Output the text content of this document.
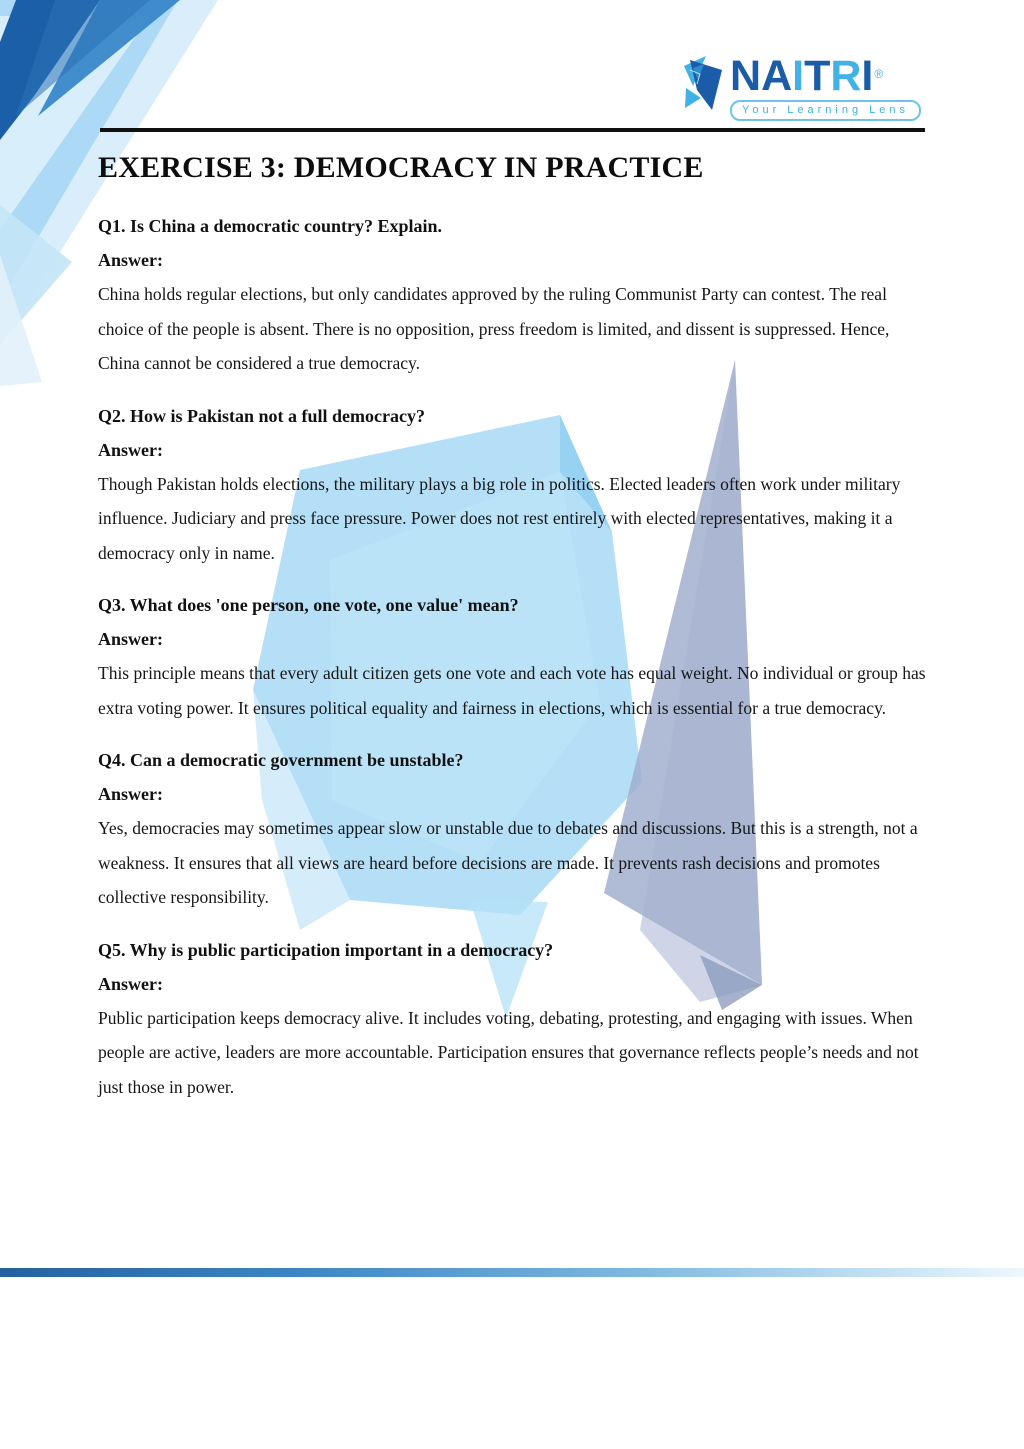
NAITRI®
Your Learning Lens
EXERCISE 3: DEMOCRACY IN PRACTICE

Q1. Is China a democratic country? Explain.

Answer:

China holds regular elections, but only candidates approved by the ruling Communist Party can contest. The real choice of the people is absent. There is no opposition, press freedom is limited, and dissent is suppressed. Hence, China cannot be considered a true democracy.

Q2. How is Pakistan not a full democracy?

Answer:

Though Pakistan holds elections, the military plays a big role in politics. Elected leaders often work under military influence. Judiciary and press face pressure. Power does not rest entirely with elected representatives, making it a democracy only in name.

Q3. What does 'one person, one vote, one value' mean?

Answer:

This principle means that every adult citizen gets one vote and each vote has equal weight. No individual or group has extra voting power. It ensures political equality and fairness in elections, which is essential for a true democracy.

Q4. Can a democratic government be unstable?

Answer:

Yes, democracies may sometimes appear slow or unstable due to debates and discussions. But this is a strength, not a weakness. It ensures that all views are heard before decisions are made. It prevents rash decisions and promotes collective responsibility.

Q5. Why is public participation important in a democracy?

Answer:

Public participation keeps democracy alive. It includes voting, debating, protesting, and engaging with issues. When people are active, leaders are more accountable. Participation ensures that governance reflects people’s needs and not just those in power.
